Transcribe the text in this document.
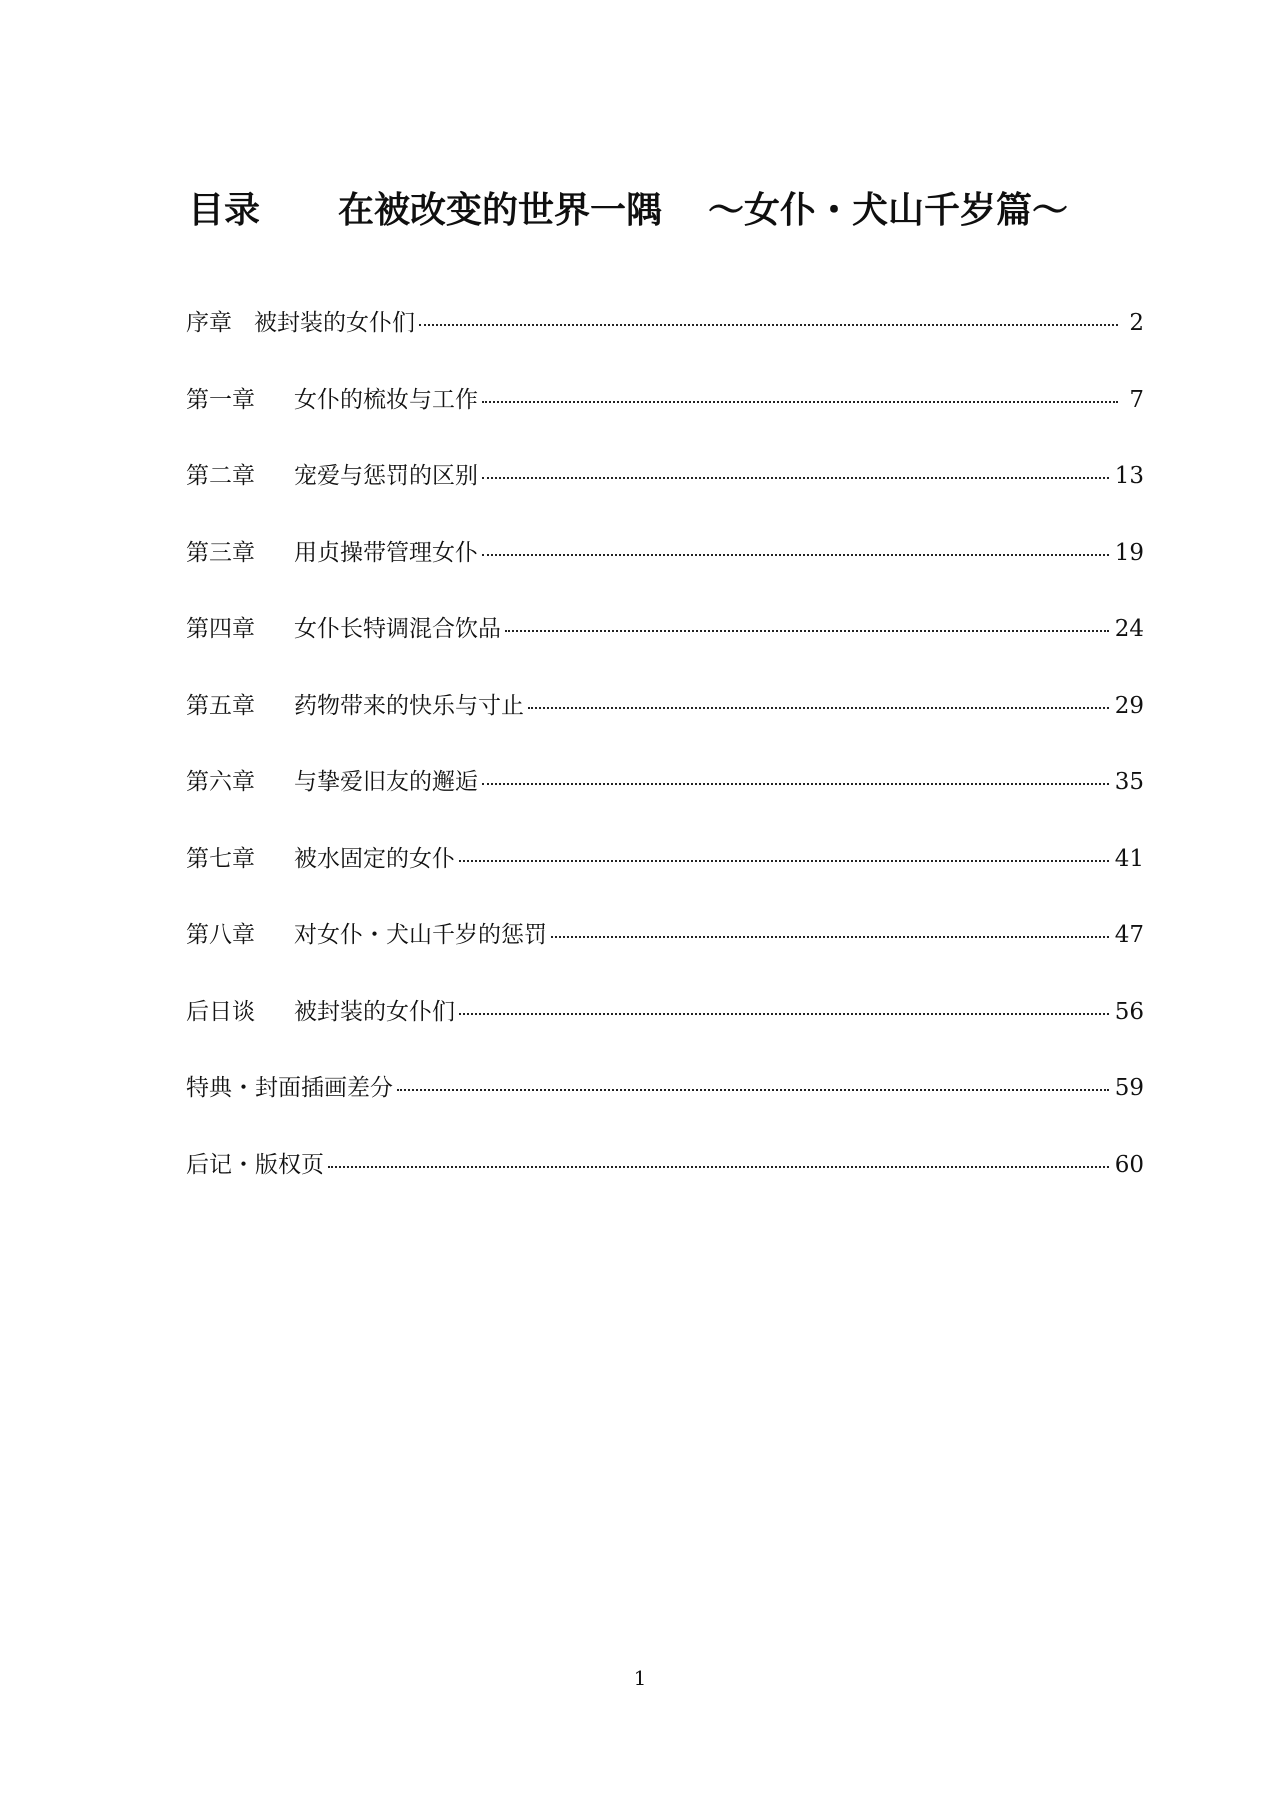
目录 在被改变的世界一隅 ～女仆・犬山千岁篇～
序章 被封装的女仆们	2
第一章	女仆的梳妆与工作	7
第二章	宠爱与惩罚的区别	13
第三章	用贞操带管理女仆	19
第四章	女仆长特调混合饮品	24
第五章	药物带来的快乐与寸止	29
第六章	与挚爱旧友的邂逅	35
第七章	被水固定的女仆	41
第八章	对女仆・犬山千岁的惩罚	47
后日谈	被封装的女仆们	56
特典・封面插画差分	59
后记・版权页	60
1
